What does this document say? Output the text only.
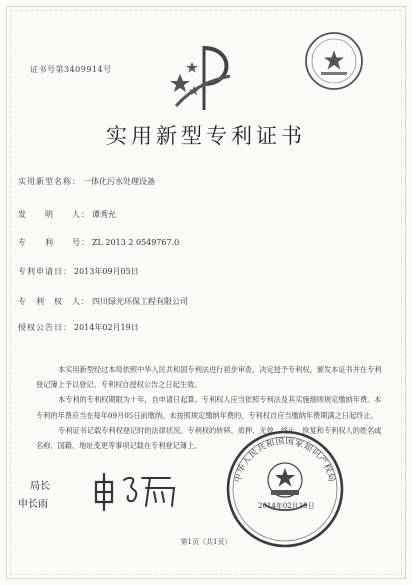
证书号第3409914号
实用新型专利证书
实用新型名称： 一体化污水处理设备
发　　明　　人： 谭秀允
专　　利　　号： ZL 2013 2 0549767.0
专利申请日： 2013年09月05日
专　利　权　人： 四川绿光环保工程有限公司
授权公告日： 2014年02月19日

本实用新型经过本局依照中华人民共和国专利法进行初步审查，决定授予专利权，颁发本证书并在专利登记簿上予以登记。专利权自授权公告之日起生效。

本专利的专利权期限为十年，自申请日起算。专利权人应当依照专利法及其实施细则规定缴纳年费。本专利的年费应当在每年09月05日前缴纳。未按照规定缴纳年费的，专利权自应当缴纳年费期满之日起终止。

专利证书记载专利权登记时的法律状况。专利权的转移、质押、无效、终止、恢复和专利权人的姓名或名称、国籍、地址变更等事项记载在专利登记簿上。

局长
申长雨
中华人民共和国国家知识产权局
2014年02月19日
第1页（共1页）
